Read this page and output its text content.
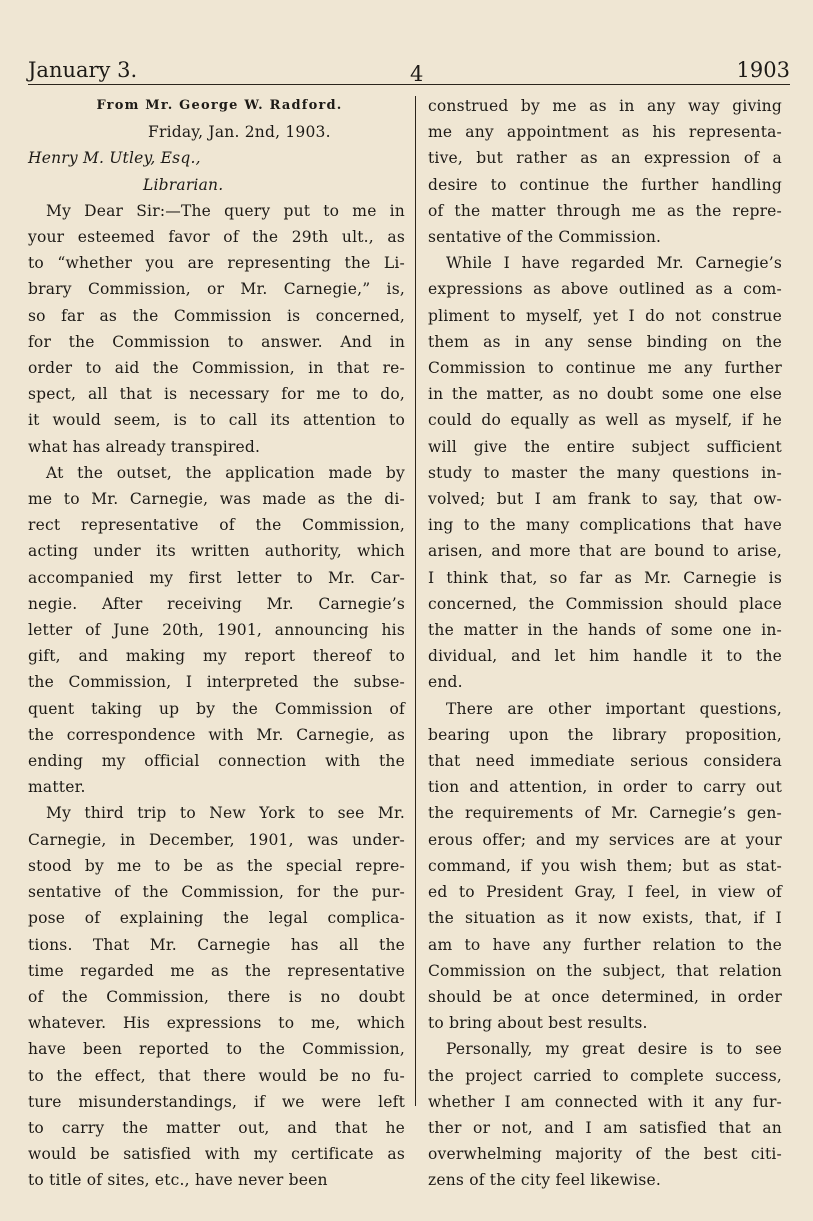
January 3.	4	1903
From Mr. George W. Radford.
Friday, Jan. 2nd, 1903.
Henry M. Utley, Esq.,
Librarian.
My Dear Sir:—The query put to me in
your esteemed favor of the 29th ult., as
to “whether you are representing the Li-
brary Commission, or Mr. Carnegie,” is,
so far as the Commission is concerned,
for the Commission to answer. And in
order to aid the Commission, in that re-
spect, all that is necessary for me to do,
it would seem, is to call its attention to
what has already transpired.
At the outset, the application made by
me to Mr. Carnegie, was made as the di-
rect representative of the Commission,
acting under its written authority, which
accompanied my first letter to Mr. Car-
negie. After receiving Mr. Carnegie’s
letter of June 20th, 1901, announcing his
gift, and making my report thereof to
the Commission, I interpreted the subse-
quent taking up by the Commission of
the correspondence with Mr. Carnegie, as
ending my official connection with the
matter.
My third trip to New York to see Mr.
Carnegie, in December, 1901, was under-
stood by me to be as the special repre-
sentative of the Commission, for the pur-
pose of explaining the legal complica-
tions. That Mr. Carnegie has all the
time regarded me as the representative
of the Commission, there is no doubt
whatever. His expressions to me, which
have been reported to the Commission,
to the effect, that there would be no fu-
ture misunderstandings, if we were left
to carry the matter out, and that he
would be satisfied with my certificate as
to title of sites, etc., have never been
construed by me as in any way giving
me any appointment as his representa-
tive, but rather as an expression of a
desire to continue the further handling
of the matter through me as the repre-
sentative of the Commission.
While I have regarded Mr. Carnegie’s
expressions as above outlined as a com-
pliment to myself, yet I do not construe
them as in any sense binding on the
Commission to continue me any further
in the matter, as no doubt some one else
could do equally as well as myself, if he
will give the entire subject sufficient
study to master the many questions in-
volved; but I am frank to say, that ow-
ing to the many complications that have
arisen, and more that are bound to arise,
I think that, so far as Mr. Carnegie is
concerned, the Commission should place
the matter in the hands of some one in-
dividual, and let him handle it to the
end.
There are other important questions,
bearing upon the library proposition,
that need immediate serious considera
tion and attention, in order to carry out
the requirements of Mr. Carnegie’s gen-
erous offer; and my services are at your
command, if you wish them; but as stat-
ed to President Gray, I feel, in view of
the situation as it now exists, that, if I
am to have any further relation to the
Commission on the subject, that relation
should be at once determined, in order
to bring about best results.
Personally, my great desire is to see
the project carried to complete success,
whether I am connected with it any fur-
ther or not, and I am satisfied that an
overwhelming majority of the best citi-
zens of the city feel likewise.
